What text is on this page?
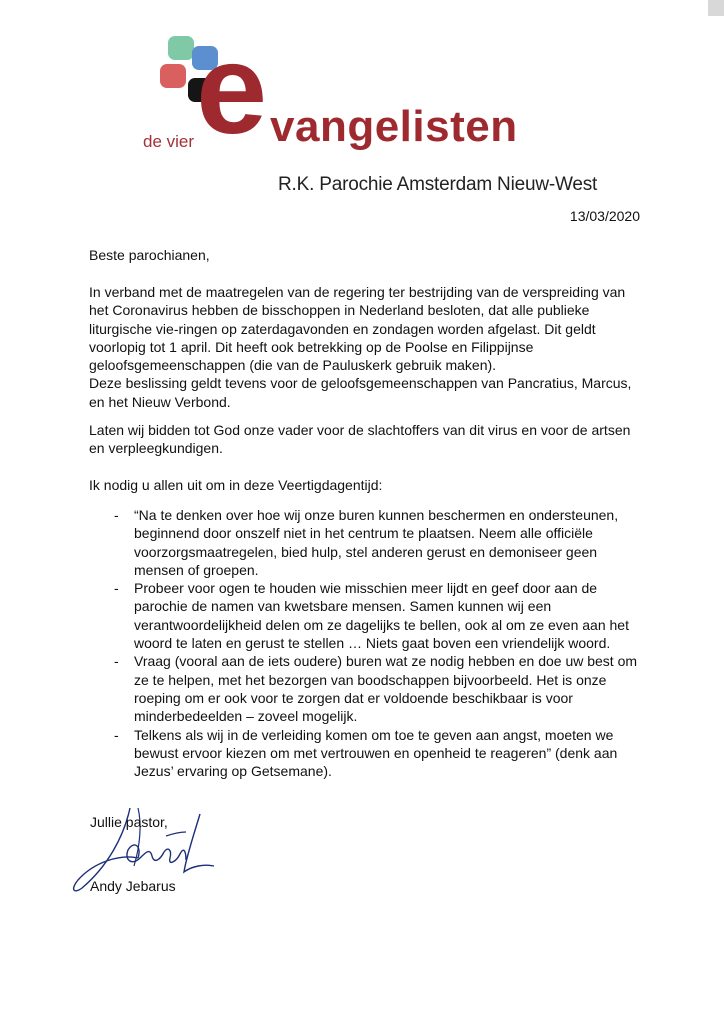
e
de vier vangelisten
R.K. Parochie Amsterdam Nieuw-West
13/03/2020
Beste parochianen,

In verband met de maatregelen van de regering ter bestrijding van de verspreiding van het Coronavirus hebben de bisschoppen in Nederland besloten, dat alle publieke liturgische vie-ringen op zaterdagavonden en zondagen worden afgelast. Dit geldt voorlopig tot 1 april. Dit heeft ook betrekking op de Poolse en Filippijnse geloofsgemeenschappen (die van de Pauluskerk gebruik maken).

Deze beslissing geldt tevens voor de geloofsgemeenschappen van Pancratius, Marcus, en het Nieuw Verbond.

Laten wij bidden tot God onze vader voor de slachtoffers van dit virus en voor de artsen en verpleegkundigen.
Ik nodig u allen uit om in deze Veertigdagentijd:
- “Na te denken over hoe wij onze buren kunnen beschermen en ondersteunen, beginnend door onszelf niet in het centrum te plaatsen. Neem alle officiële voorzorgsmaatregelen, bied hulp, stel anderen gerust en demoniseer geen mensen of groepen.
- Probeer voor ogen te houden wie misschien meer lijdt en geef door aan de parochie de namen van kwetsbare mensen. Samen kunnen wij een verantwoordelijkheid delen om ze dagelijks te bellen, ook al om ze even aan het woord te laten en gerust te stellen … Niets gaat boven een vriendelijk woord.
- Vraag (vooral aan de iets oudere) buren wat ze nodig hebben en doe uw best om ze te helpen, met het bezorgen van boodschappen bijvoorbeeld. Het is onze roeping om er ook voor te zorgen dat er voldoende beschikbaar is voor minderbedeelden – zoveel mogelijk.
- Telkens als wij in de verleiding komen om toe te geven aan angst, moeten we bewust ervoor kiezen om met vertrouwen en openheid te reageren” (denk aan Jezus’ ervaring op Getsemane).
Jullie pastor,
Andy Jebarus
